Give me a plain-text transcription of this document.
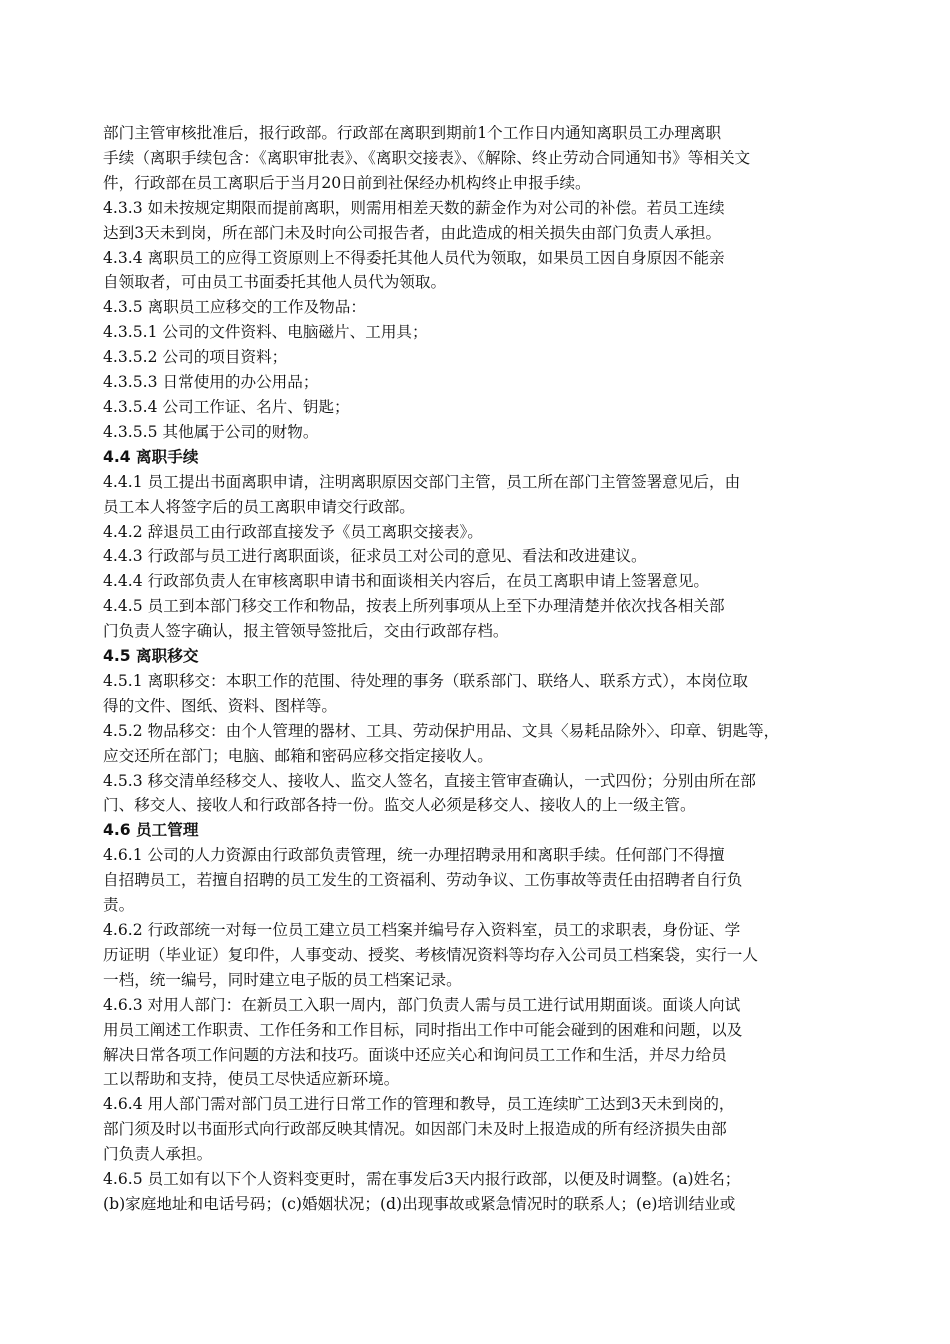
部门主管审核批准后，报行政部。行政部在离职到期前1个工作日内通知离职员工办理离职
手续（离职手续包含：《离职审批表》、《离职交接表》、《解除、终止劳动合同通知书》等相关文
件，行政部在员工离职后于当月20日前到社保经办机构终止申报手续。
4.3.3 如未按规定期限而提前离职，则需用相差天数的薪金作为对公司的补偿。若员工连续
达到3天未到岗，所在部门未及时向公司报告者，由此造成的相关损失由部门负责人承担。
4.3.4 离职员工的应得工资原则上不得委托其他人员代为领取，如果员工因自身原因不能亲
自领取者，可由员工书面委托其他人员代为领取。
4.3.5 离职员工应移交的工作及物品：
4.3.5.1 公司的文件资料、电脑磁片、工用具；
4.3.5.2 公司的项目资料；
4.3.5.3 日常使用的办公用品；
4.3.5.4 公司工作证、名片、钥匙；
4.3.5.5 其他属于公司的财物。
4.4 离职手续
4.4.1 员工提出书面离职申请，注明离职原因交部门主管，员工所在部门主管签署意见后，由
员工本人将签字后的员工离职申请交行政部。
4.4.2 辞退员工由行政部直接发予《员工离职交接表》。
4.4.3 行政部与员工进行离职面谈，征求员工对公司的意见、看法和改进建议。
4.4.4 行政部负责人在审核离职申请书和面谈相关内容后，在员工离职申请上签署意见。
4.4.5 员工到本部门移交工作和物品，按表上所列事项从上至下办理清楚并依次找各相关部
门负责人签字确认，报主管领导签批后，交由行政部存档。
4.5 离职移交
4.5.1 离职移交：本职工作的范围、待处理的事务（联系部门、联络人、联系方式），本岗位取
得的文件、图纸、资料、图样等。
4.5.2 物品移交：由个人管理的器材、工具、劳动保护用品、文具〈易耗品除外〉、印章、钥匙等，
应交还所在部门；电脑、邮箱和密码应移交指定接收人。
4.5.3 移交清单经移交人、接收人、监交人签名，直接主管审查确认，一式四份；分别由所在部
门、移交人、接收人和行政部各持一份。监交人必须是移交人、接收人的上一级主管。
4.6 员工管理
4.6.1 公司的人力资源由行政部负责管理，统一办理招聘录用和离职手续。任何部门不得擅
自招聘员工，若擅自招聘的员工发生的工资福利、劳动争议、工伤事故等责任由招聘者自行负
责。
4.6.2 行政部统一对每一位员工建立员工档案并编号存入资料室，员工的求职表，身份证、学
历证明（毕业证）复印件，人事变动、授奖、考核情况资料等均存入公司员工档案袋，实行一人
一档，统一编号，同时建立电子版的员工档案记录。
4.6.3 对用人部门：在新员工入职一周内，部门负责人需与员工进行试用期面谈。面谈人向试
用员工阐述工作职责、工作任务和工作目标，同时指出工作中可能会碰到的困难和问题，以及
解决日常各项工作问题的方法和技巧。面谈中还应关心和询问员工工作和生活，并尽力给员
工以帮助和支持，使员工尽快适应新环境。
4.6.4 用人部门需对部门员工进行日常工作的管理和教导，员工连续旷工达到3天未到岗的，
部门须及时以书面形式向行政部反映其情况。如因部门未及时上报造成的所有经济损失由部
门负责人承担。
4.6.5 员工如有以下个人资料变更时，需在事发后3天内报行政部，以便及时调整。(a)姓名；
(b)家庭地址和电话号码；(c)婚姻状况；(d)出现事故或紧急情况时的联系人；(e)培训结业或
